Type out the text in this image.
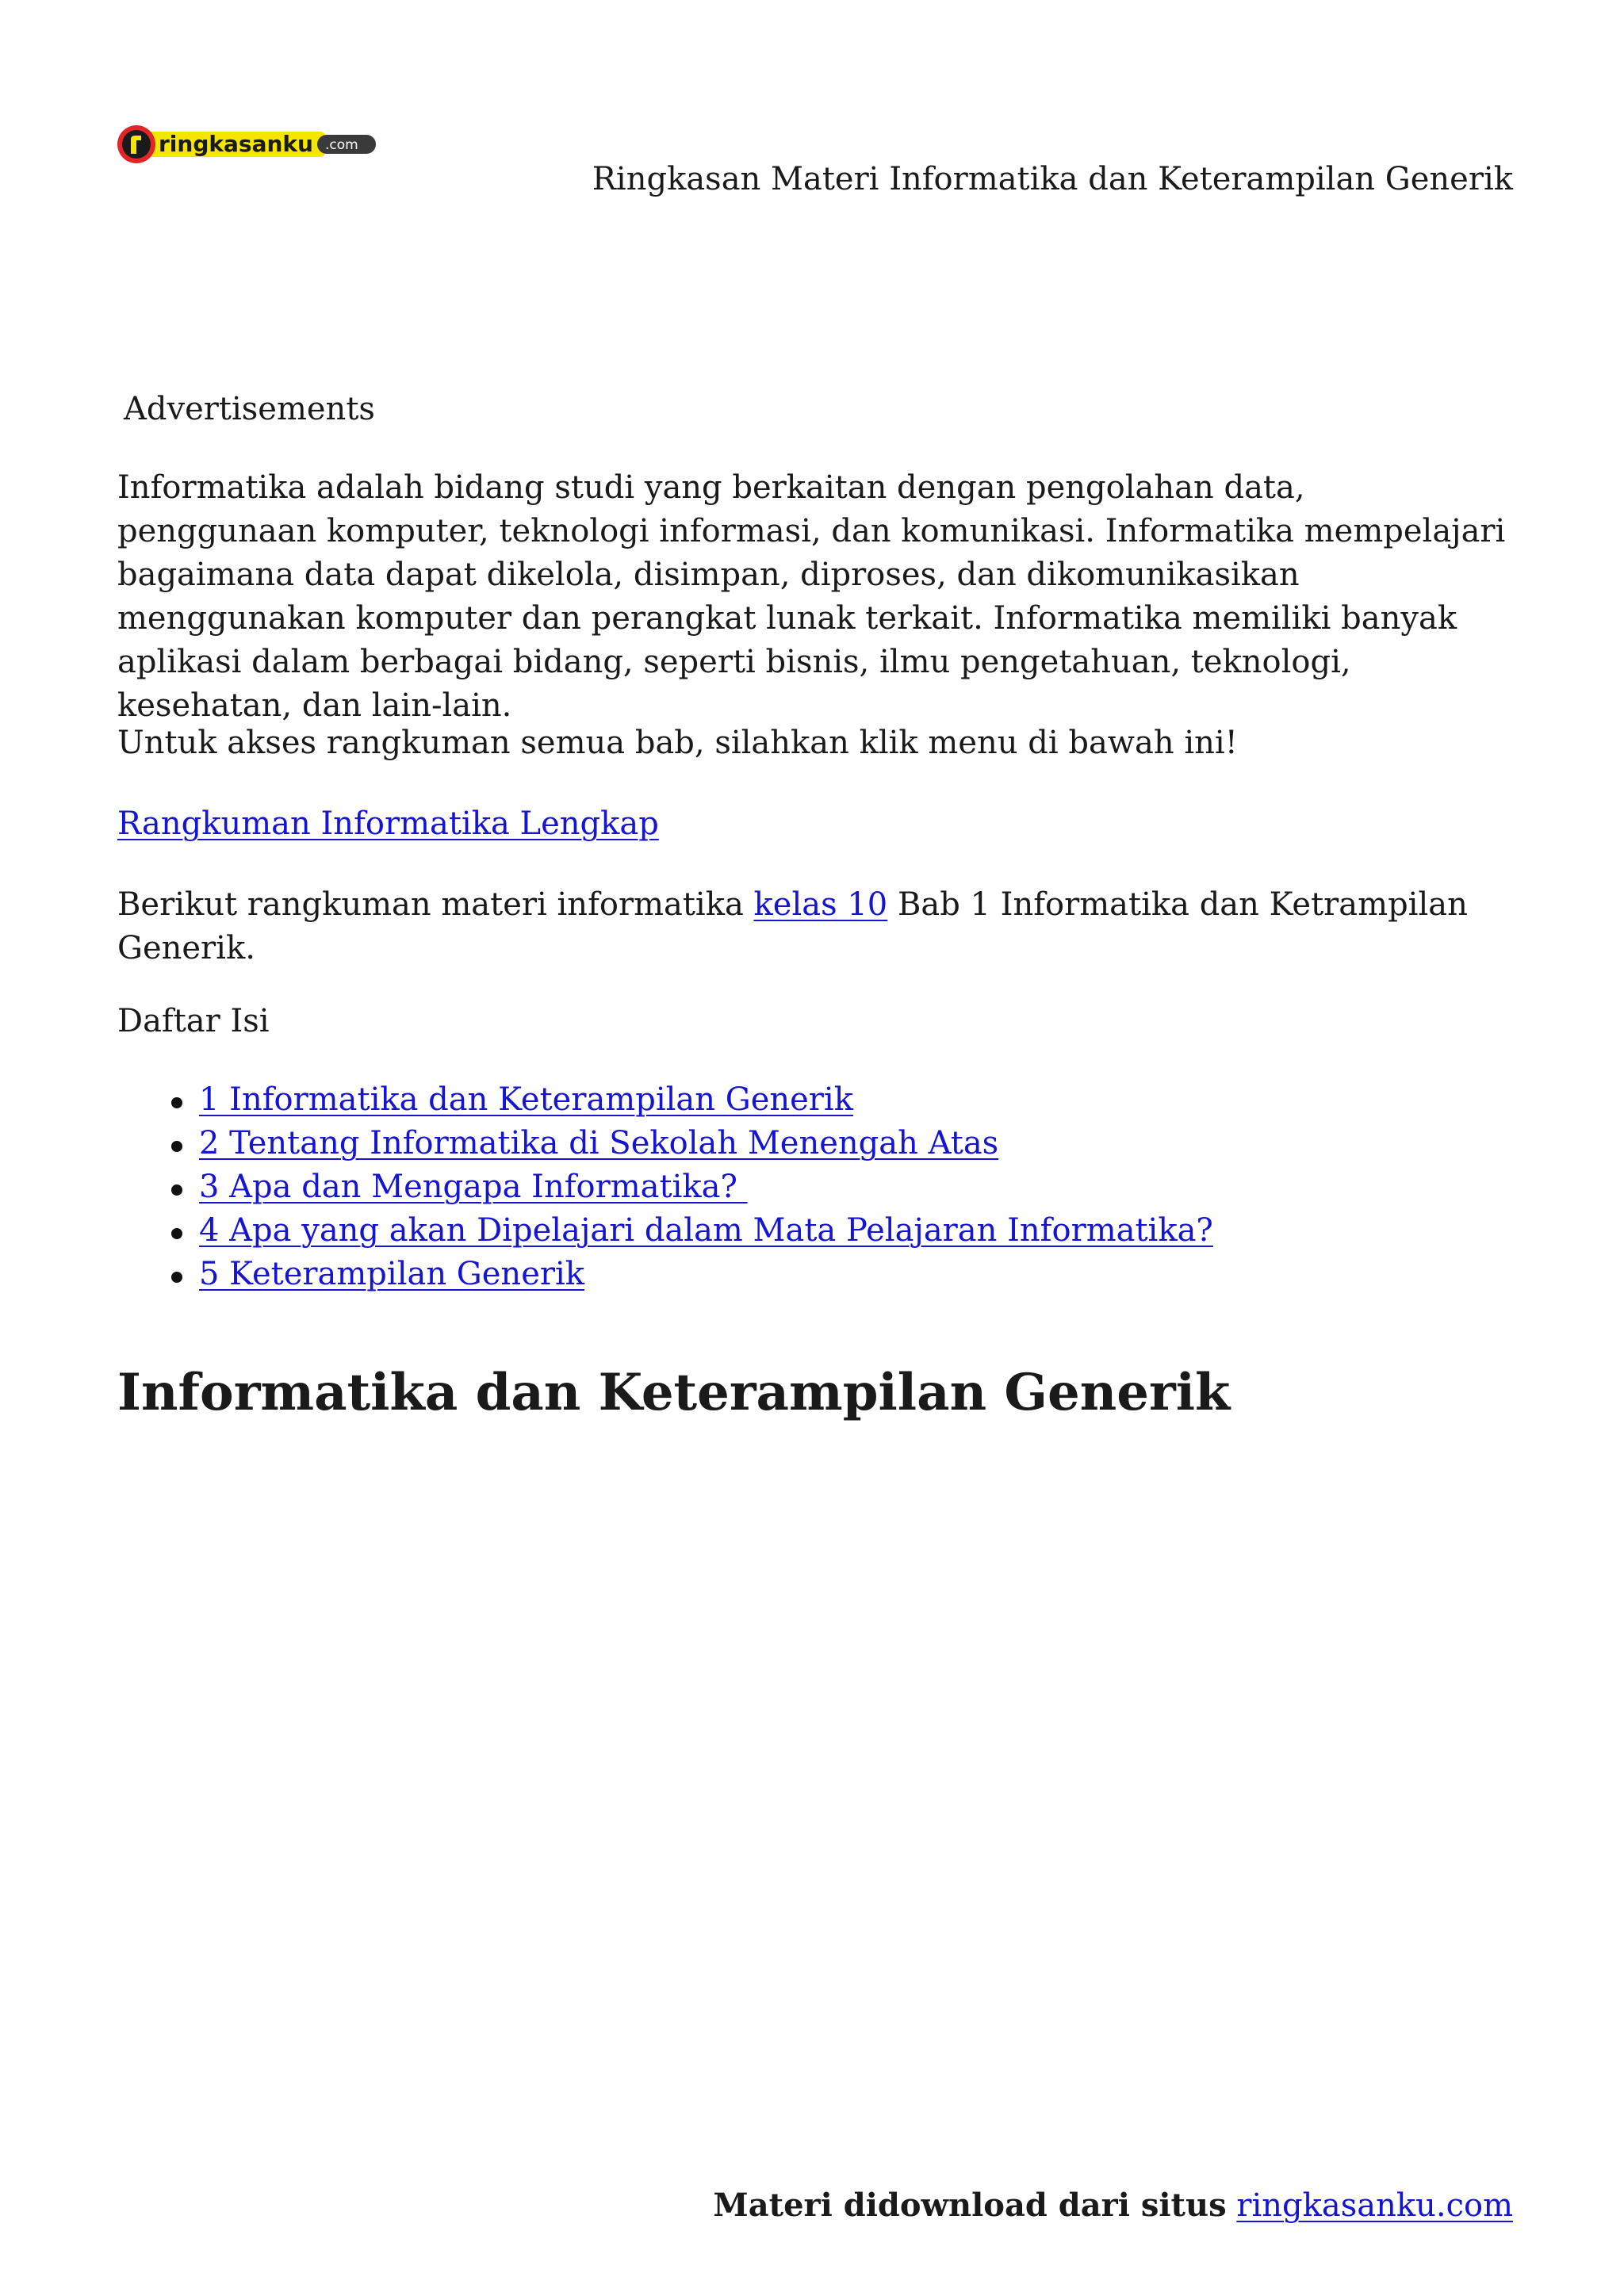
ringkasanku .com
Ringkasan Materi Informatika dan Keterampilan Generik
Advertisements

Informatika adalah bidang studi yang berkaitan dengan pengolahan data, penggunaan komputer, teknologi informasi, dan komunikasi. Informatika mempelajari bagaimana data dapat dikelola, disimpan, diproses, dan dikomunikasikan menggunakan komputer dan perangkat lunak terkait. Informatika memiliki banyak aplikasi dalam berbagai bidang, seperti bisnis, ilmu pengetahuan, teknologi, kesehatan, dan lain-lain.

Untuk akses rangkuman semua bab, silahkan klik menu di bawah ini!

Rangkuman Informatika Lengkap

Berikut rangkuman materi informatika kelas 10 Bab 1 Informatika dan Ketrampilan Generik.

Daftar Isi
1 Informatika dan Keterampilan Generik
2 Tentang Informatika di Sekolah Menengah Atas
3 Apa dan Mengapa Informatika?
4 Apa yang akan Dipelajari dalam Mata Pelajaran Informatika?
5 Keterampilan Generik
Informatika dan Keterampilan Generik
Materi didownload dari situs ringkasanku.com
